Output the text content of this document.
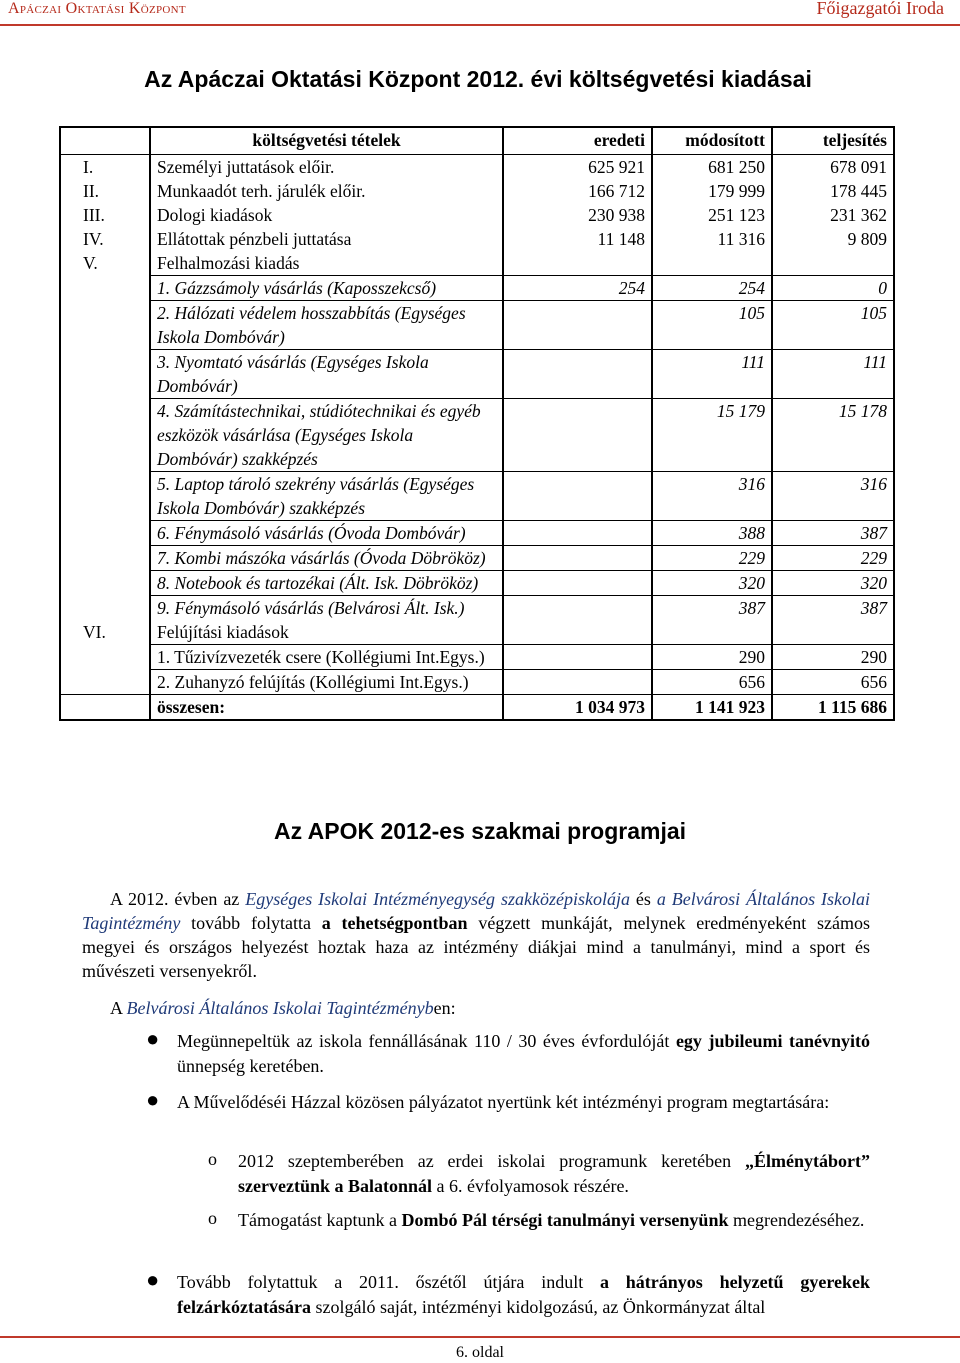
Apáczai Oktatási Központ	Főigazgatói Iroda
Az Apáczai Oktatási Központ 2012. évi költségvetési kiadásai
	költségvetési tételek	eredeti	módosított	teljesítés
I.	Személyi juttatások előir.	625 921	681 250	678 091
II.	Munkaadót terh. járulék előir.	166 712	179 999	178 445
III.	Dologi kiadások	230 938	251 123	231 362
IV.	Ellátottak pénzbeli juttatása	11 148	11 316	9 809
V.	Felhalmozási kiadás			
	1. Gázzsámoly vásárlás (Kaposszekcső)	254	254	0
	2. Hálózati védelem hosszabbítás (Egységes Iskola Dombóvár)		105	105
	3. Nyomtató vásárlás (Egységes Iskola Dombóvár)		111	111
	4. Számítástechnikai, stúdiótechnikai és egyéb eszközök vásárlása (Egységes Iskola Dombóvár) szakképzés		15 179	15 178
	5. Laptop tároló szekrény vásárlás (Egységes Iskola Dombóvár) szakképzés		316	316
	6. Fénymásoló vásárlás (Óvoda Dombóvár)		388	387
	7. Kombi mászóka vásárlás (Óvoda Döbrököz)		229	229
	8. Notebook és tartozékai (Ált. Isk. Döbrököz)		320	320
	9. Fénymásoló vásárlás (Belvárosi Ált. Isk.)		387	387
VI.	Felújítási kiadások			
	1. Tűzivízvezeték csere (Kollégiumi Int.Egys.)		290	290
	2. Zuhanyzó felújítás (Kollégiumi Int.Egys.)		656	656
	összesen:	1 034 973	1 141 923	1 115 686
Az APOK 2012-es szakmai programjai
A 2012. évben az Egységes Iskolai Intézményegység szakközépiskolája és a Belvárosi Általános Iskolai Tagintézmény tovább folytatta a tehetségpontban végzett munkáját, melynek eredményeként számos megyei és országos helyezést hoztak haza az intézmény diákjai mind a tanulmányi, mind a sport és művészeti versenyekről.
A Belvárosi Általános Iskolai Tagintézményben:
● Megünnepeltük az iskola fennállásának 110 / 30 éves évfordulóját egy jubileumi tanévnyitó ünnepség keretében.
● A Művelődéséi Házzal közösen pályázatot nyertünk két intézményi program megtartására:
o 2012 szeptemberében az erdei iskolai programunk keretében „Élménytábort” szerveztünk a Balatonnál a 6. évfolyamosok részére.
o Támogatást kaptunk a Dombó Pál térségi tanulmányi versenyünk megrendezéséhez.
● Tovább folytattuk a 2011. őszétől útjára indult a hátrányos helyzetű gyerekek felzárkóztatására szolgáló saját, intézményi kidolgozású, az Önkormányzat által
6. oldal
